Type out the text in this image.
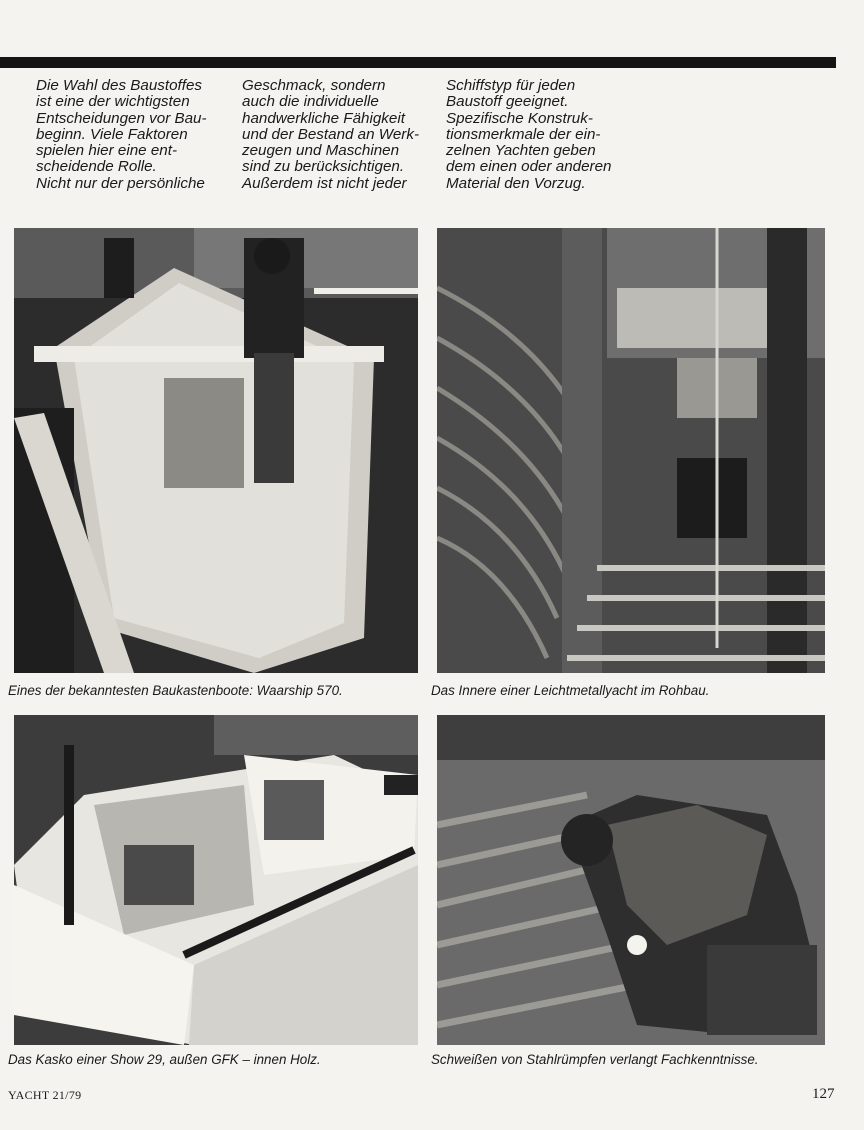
Die Wahl des Baustoffes
ist eine der wichtigsten
Entscheidungen vor Bau-
beginn. Viele Faktoren
spielen hier eine ent-
scheidende Rolle.
Nicht nur der persönliche
Geschmack, sondern
auch die individuelle
handwerkliche Fähigkeit
und der Bestand an Werk-
zeugen und Maschinen
sind zu berücksichtigen.
Außerdem ist nicht jeder
Schiffstyp für jeden
Baustoff geeignet.
Spezifische Konstruk-
tionsmerkmale der ein-
zelnen Yachten geben
dem einen oder anderen
Material den Vorzug.
Eines der bekanntesten Baukastenboote: Waarship 570.	Das Innere einer Leichtmetallyacht im Rohbau.
Das Kasko einer Show 29, außen GFK – innen Holz.	Schweißen von Stahlrümpfen verlangt Fachkenntnisse.
YACHT 21/79	127
